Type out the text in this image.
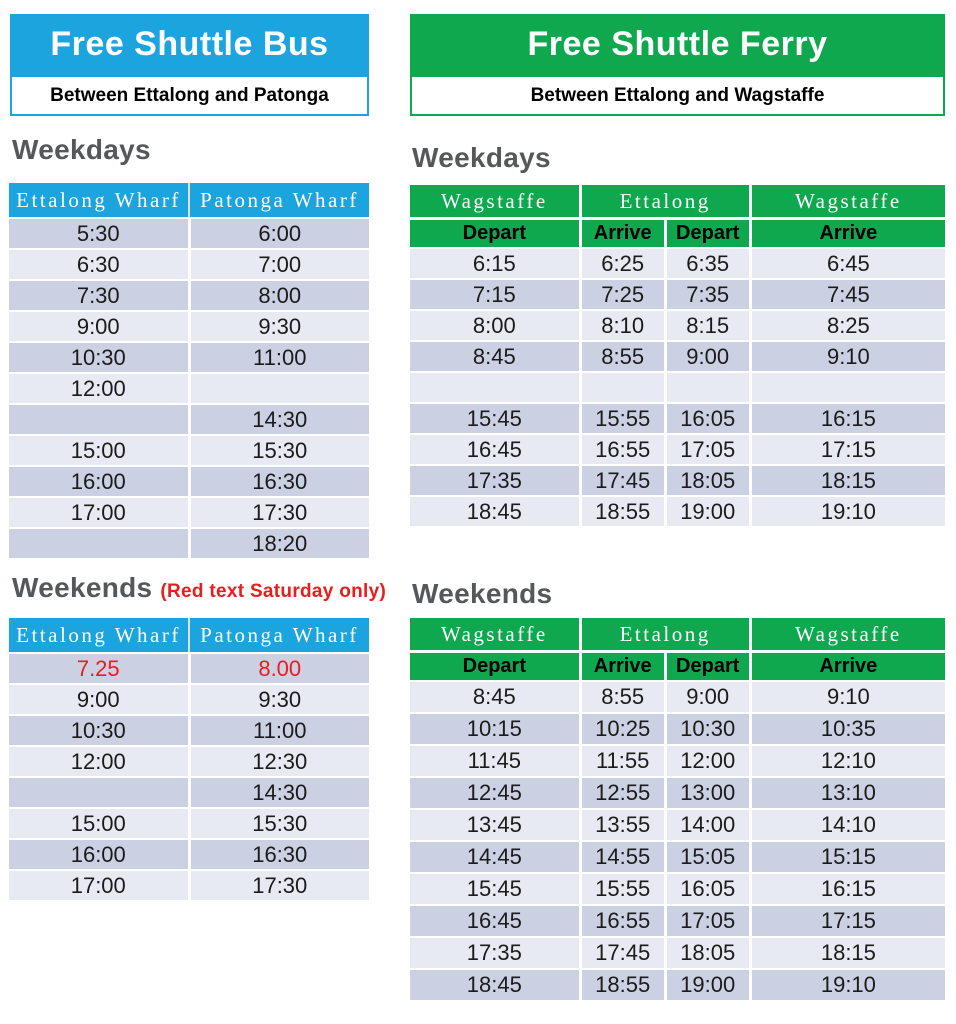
Free Shuttle Bus
Between Ettalong and Patonga
Weekdays
Ettalong Wharf	Patonga Wharf
5:30	6:00
6:30	7:00
7:30	8:00
9:00	9:30
10:30	11:00
12:00	
	14:30
15:00	15:30
16:00	16:30
17:00	17:30
	18:20
Weekends (Red text Saturday only)
Ettalong Wharf	Patonga Wharf
7.25	8.00
9:00	9:30
10:30	11:00
12:00	12:30
	14:30
15:00	15:30
16:00	16:30
17:00	17:30
Free Shuttle Ferry
Between Ettalong and Wagstaffe
Weekdays
Wagstaffe	Ettalong		Wagstaffe
Depart	Arrive	Depart	Arrive
6:15	6:25	6:35	6:45
7:15	7:25	7:35	7:45
8:00	8:10	8:15	8:25
8:45	8:55	9:00	9:10

15:45	15:55	16:05	16:15
16:45	16:55	17:05	17:15
17:35	17:45	18:05	18:15
18:45	18:55	19:00	19:10
Weekends
Wagstaffe	Ettalong		Wagstaffe
Depart	Arrive	Depart	Arrive
8:45	8:55	9:00	9:10
10:15	10:25	10:30	10:35
11:45	11:55	12:00	12:10
12:45	12:55	13:00	13:10
13:45	13:55	14:00	14:10
14:45	14:55	15:05	15:15
15:45	15:55	16:05	16:15
16:45	16:55	17:05	17:15
17:35	17:45	18:05	18:15
18:45	18:55	19:00	19:10
